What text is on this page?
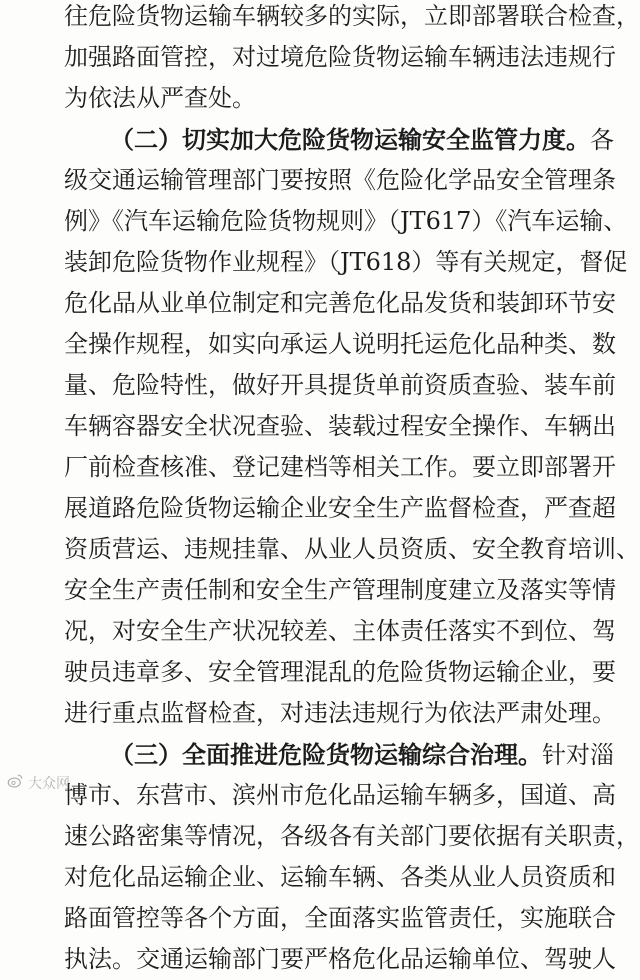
往危险货物运输车辆较多的实际，立即部署联合检查，
加强路面管控，对过境危险货物运输车辆违法违规行
为依法从严查处。
（二）切实加大危险货物运输安全监管力度。各
级交通运输管理部门要按照《危险化学品安全管理条
例》《汽车运输危险货物规则》（JT617）《汽车运输、
装卸危险货物作业规程》（JT618）等有关规定，督促
危化品从业单位制定和完善危化品发货和装卸环节安
全操作规程，如实向承运人说明托运危化品种类、数
量、危险特性，做好开具提货单前资质查验、装车前
车辆容器安全状况查验、装载过程安全操作、车辆出
厂前检查核准、登记建档等相关工作。要立即部署开
展道路危险货物运输企业安全生产监督检查，严查超
资质营运、违规挂靠、从业人员资质、安全教育培训、
安全生产责任制和安全生产管理制度建立及落实等情
况，对安全生产状况较差、主体责任落实不到位、驾
驶员违章多、安全管理混乱的危险货物运输企业，要
进行重点监督检查，对违法违规行为依法严肃处理。
（三）全面推进危险货物运输综合治理。针对淄
博市、东营市、滨州市危化品运输车辆多，国道、高
速公路密集等情况，各级各有关部门要依据有关职责，
对危化品运输企业、运输车辆、各类从业人员资质和
路面管控等各个方面，全面落实监管责任，实施联合
执法。交通运输部门要严格危化品运输单位、驾驶人
大众网
